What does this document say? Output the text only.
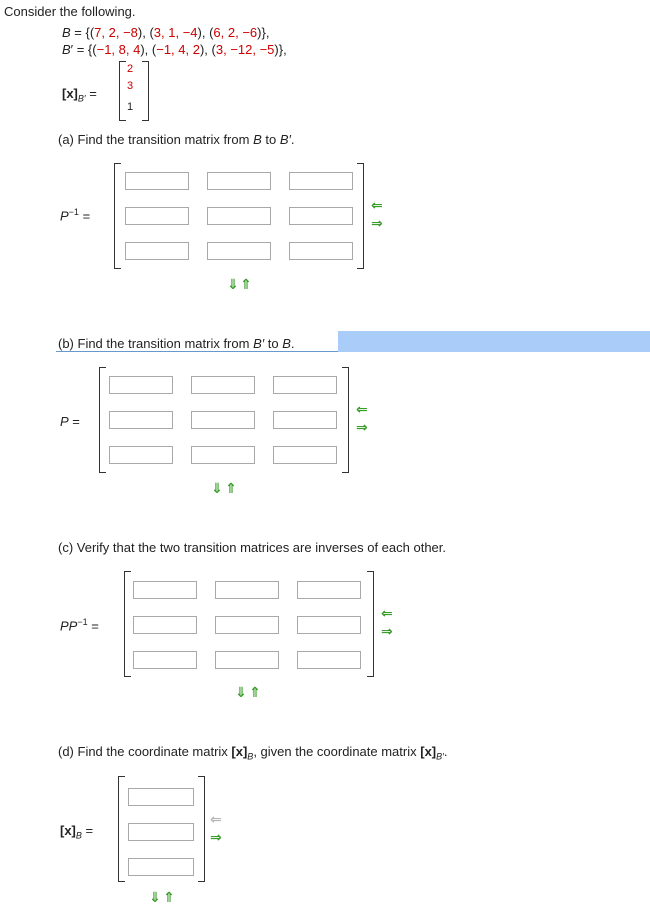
Consider the following.
B = {(7, 2, −8), (3, 1, −4), (6, 2, −6)},
B′ = {(−1, 8, 4), (−1, 4, 2), (3, −12, −5)},
$[x]_{B'}$ =
2
3
1
(a) Find the transition matrix from B to B′.
$P^{-1}$ =
⇐
⇒
⇓ ⇑
(b) Find the transition matrix from B′ to B.
P =
⇐
⇒
⇓ ⇑
(c) Verify that the two transition matrices are inverses of each other.
$PP^{-1}$ =
⇐
⇒
⇓ ⇑
(d) Find the coordinate matrix $[x]_B$, given the coordinate matrix $[x]_{B'}$.
$[x]_B$ =
⇐
⇒
⇓ ⇑
